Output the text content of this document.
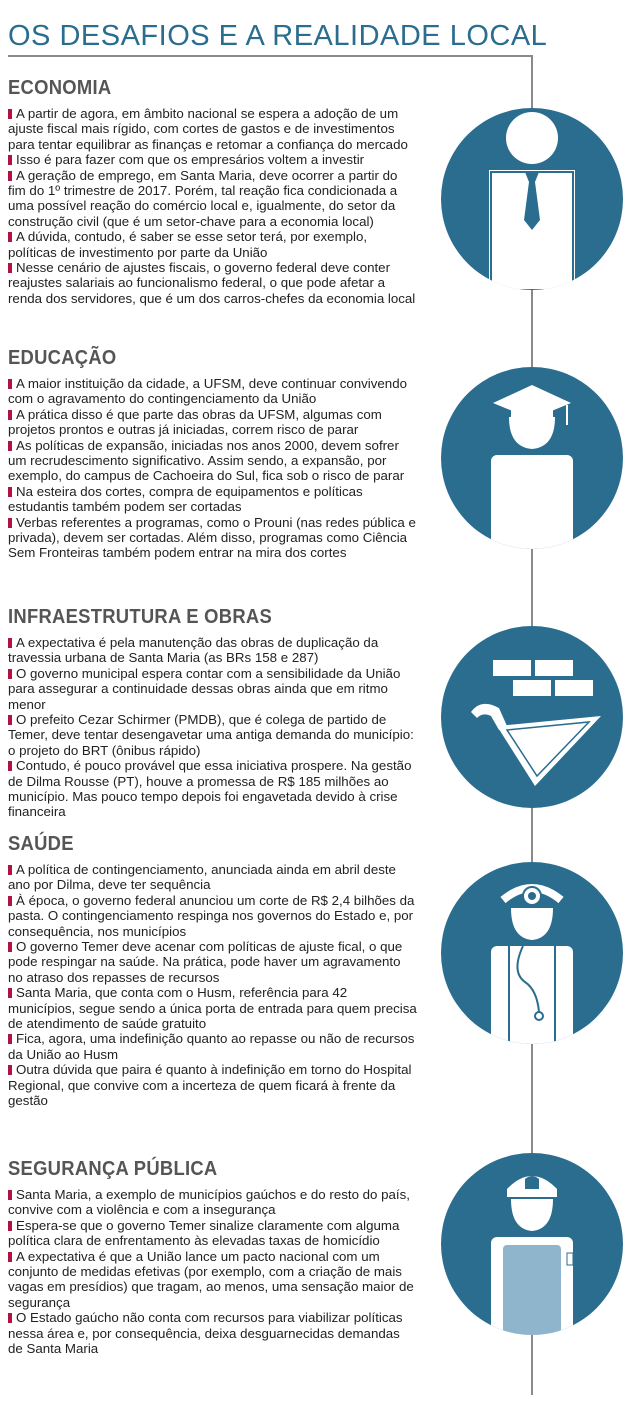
OS DESAFIOS E A REALIDADE LOCAL
ECONOMIA

A partir de agora, em âmbito nacional se espera a adoção de um ajuste fiscal mais rígido, com cortes de gastos e de investimentos para tentar equilibrar as finanças e retomar a confiança do mercado

Isso é para fazer com que os empresários voltem a investir

A geração de emprego, em Santa Maria, deve ocorrer a partir do fim do 1º trimestre de 2017. Porém, tal reação fica condicionada a uma possível reação do comércio local e, igualmente, do setor da construção civil (que é um setor-chave para a economia local)

A dúvida, contudo, é saber se esse setor terá, por exemplo, políticas de investimento por parte da União

Nesse cenário de ajustes fiscais, o governo federal deve conter reajustes salariais ao funcionalismo federal, o que pode afetar a renda dos servidores, que é um dos carros-chefes da economia local

EDUCAÇÃO

A maior instituição da cidade, a UFSM, deve continuar convivendo com o agravamento do contingenciamento da União

A prática disso é que parte das obras da UFSM, algumas com projetos prontos e outras já iniciadas, correm risco de parar

As políticas de expansão, iniciadas nos anos 2000, devem sofrer um recrudescimento significativo. Assim sendo, a expansão, por exemplo, do campus de Cachoeira do Sul, fica sob o risco de parar

Na esteira dos cortes, compra de equipamentos e políticas estudantis também podem ser cortadas

Verbas referentes a programas, como o Prouni (nas redes pública e privada), devem ser cortadas. Além disso, programas como Ciência Sem Fronteiras também podem entrar na mira dos cortes

INFRAESTRUTURA E OBRAS

A expectativa é pela manutenção das obras de duplicação da travessia urbana de Santa Maria (as BRs 158 e 287)

O governo municipal espera contar com a sensibilidade da União para assegurar a continuidade dessas obras ainda que em ritmo menor

O prefeito Cezar Schirmer (PMDB), que é colega de partido de Temer, deve tentar desengavetar uma antiga demanda do município: o projeto do BRT (ônibus rápido)

Contudo, é pouco provável que essa iniciativa prospere. Na gestão de Dilma Rousse (PT), houve a promessa de R$ 185 milhões ao município. Mas pouco tempo depois foi engavetada devido à crise financeira

SAÚDE

A política de contingenciamento, anunciada ainda em abril deste ano por Dilma, deve ter sequência

À época, o governo federal anunciou um corte de R$ 2,4 bilhões da pasta. O contingenciamento respinga nos governos do Estado e, por consequência, nos municípios

O governo Temer deve acenar com políticas de ajuste fical, o que pode respingar na saúde. Na prática, pode haver um agravamento no atraso dos repasses de recursos

Santa Maria, que conta com o Husm, referência para 42 municípios, segue sendo a única porta de entrada para quem precisa de atendimento de saúde gratuito

Fica, agora, uma indefinição quanto ao repasse ou não de recursos da União ao Husm

Outra dúvida que paira é quanto à indefinição em torno do Hospital Regional, que convive com a incerteza de quem ficará à frente da gestão

SEGURANÇA PÚBLICA

Santa Maria, a exemplo de municípios gaúchos e do resto do país, convive com a violência e com a insegurança

Espera-se que o governo Temer sinalize claramente com alguma política clara de enfrentamento às elevadas taxas de homicídio

A expectativa é que a União lance um pacto nacional com um conjunto de medidas efetivas (por exemplo, com a criação de mais vagas em presídios) que tragam, ao menos, uma sensação maior de segurança

O Estado gaúcho não conta com recursos para viabilizar políticas nessa área e, por consequência, deixa desguarnecidas demandas de Santa Maria
